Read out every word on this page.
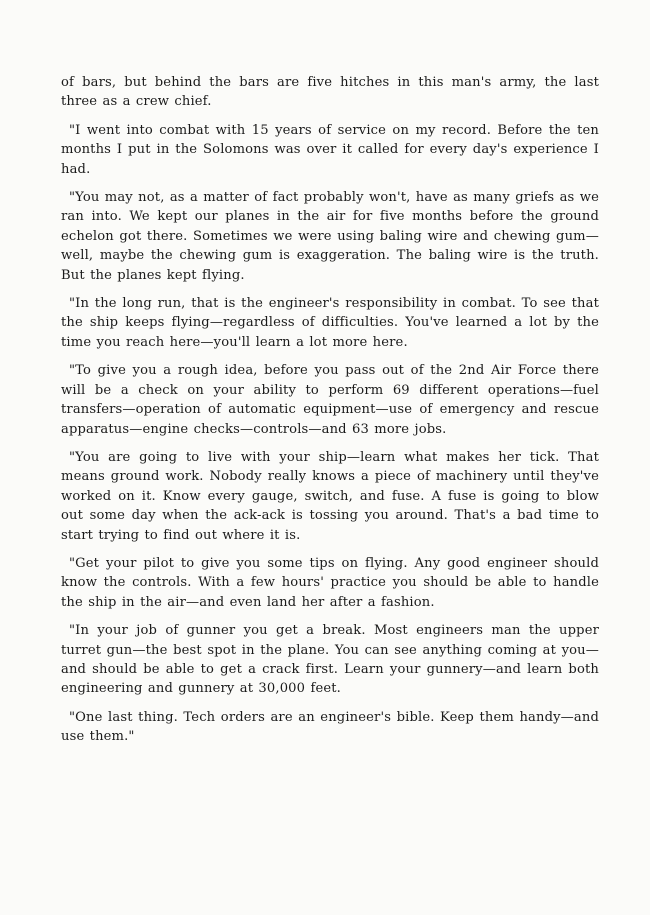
of bars, but behind the bars are five hitches in this man's army, the last three as a crew chief.

"I went into combat with 15 years of service on my record. Before the ten months I put in the Solomons was over it called for every day's experience I had.

"You may not, as a matter of fact probably won't, have as many griefs as we ran into. We kept our planes in the air for five months before the ground echelon got there. Sometimes we were using baling wire and chewing gum—well, maybe the chewing gum is exaggeration. The baling wire is the truth. But the planes kept flying.

"In the long run, that is the engineer's responsibility in combat. To see that the ship keeps flying—regardless of difficulties. You've learned a lot by the time you reach here—you'll learn a lot more here.

"To give you a rough idea, before you pass out of the 2nd Air Force there will be a check on your ability to perform 69 different operations—fuel transfers—operation of automatic equipment—use of emergency and rescue apparatus—engine checks—controls—and 63 more jobs.

"You are going to live with your ship—learn what makes her tick. That means ground work. Nobody really knows a piece of machinery until they've worked on it. Know every gauge, switch, and fuse. A fuse is going to blow out some day when the ack-ack is tossing you around. That's a bad time to start trying to find out where it is.

"Get your pilot to give you some tips on flying. Any good engineer should know the controls. With a few hours' practice you should be able to handle the ship in the air—and even land her after a fashion.

"In your job of gunner you get a break. Most engineers man the upper turret gun—the best spot in the plane. You can see anything coming at you—and should be able to get a crack first. Learn your gunnery—and learn both engineering and gunnery at 30,000 feet.

"One last thing. Tech orders are an engineer's bible. Keep them handy—and use them."
